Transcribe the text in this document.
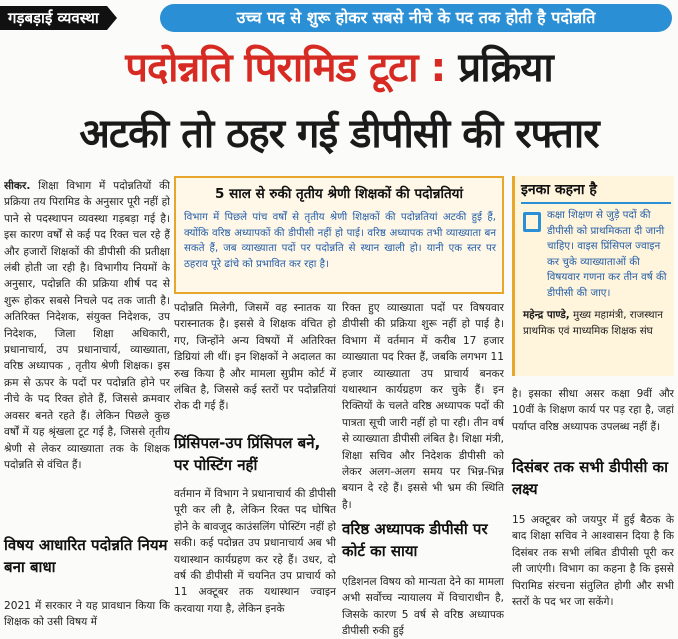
गड़बड़ाई व्यवस्था	उच्च पद से शुरू होकर सबसे नीचे के पद तक होती है पदोन्नति
पदोन्नति पिरामिड टूटा : प्रक्रिया
अटकी तो ठहर गई डीपीसी की रफ्तार
सीकर. शिक्षा विभाग में पदोन्नतियों की प्रक्रिया तय पिरामिड के अनुसार पूरी नहीं हो पाने से पदस्थापन व्यवस्था गड़बड़ा गई है। इस कारण वर्षों से कई पद रिक्त चल रहे हैं और हजारों शिक्षकों की डीपीसी की प्रतीक्षा लंबी होती जा रही है। विभागीय नियमों के अनुसार, पदोन्नति की प्रक्रिया शीर्ष पद से शुरू होकर सबसे निचले पद तक जाती है। अतिरिक्त निदेशक, संयुक्त निदेशक, उप निदेशक, जिला शिक्षा अधिकारी, प्रधानाचार्य, उप प्रधानाचार्य, व्याख्याता, वरिष्ठ अध्यापक , तृतीय श्रेणी शिक्षक। इस क्रम से ऊपर के पदों पर पदोन्नति होने पर नीचे के पद रिक्त होते हैं, जिससे क्रमवार अवसर बनते रहते हैं। लेकिन पिछले कुछ वर्षों में यह श्रृंखला टूट गई है, जिससे तृतीय श्रेणी से लेकर व्याख्याता तक के शिक्षक पदोन्नति से वंचित हैं।
विषय आधारित पदोन्नति नियम बना बाधा
2021 में सरकार ने यह प्रावधान किया कि शिक्षक को उसी विषय में
5 साल से रुकी तृतीय श्रेणी शिक्षकों की पदोन्नतियां
विभाग में पिछले पांच वर्षों से तृतीय श्रेणी शिक्षकों की पदोन्नतियां अटकी हुई हैं, क्योंकि वरिष्ठ अध्यापकों की डीपीसी नहीं हो पाई। वरिष्ठ अध्यापक तभी व्याख्याता बन सकते हैं, जब व्याख्याता पदों पर पदोन्नति से स्थान खाली हो। यानी एक स्तर पर ठहराव पूरे ढांचे को प्रभावित कर रहा है।
पदोन्नति मिलेगी, जिसमें वह स्नातक या परास्नातक है। इससे वे शिक्षक वंचित हो गए, जिन्होंने अन्य विषयों में अतिरिक्त डिग्रियां ली थीं। इन शिक्षकों ने अदालत का रुख किया है और मामला सुप्रीम कोर्ट में लंबित है, जिससे कई स्तरों पर पदोन्नतियां रोक दी गई हैं।
प्रिंसिपल-उप प्रिंसिपल बने, पर पोस्टिंग नहीं
वर्तमान में विभाग ने प्रधानाचार्य की डीपीसी पूरी कर ली है, लेकिन रिक्त पद घोषित होने के बावजूद काउंसलिंग पोस्टिंग नहीं हो सकी। कई पदोन्नत उप प्रधानाचार्य अब भी यथास्थान कार्यग्रहण कर रहे हैं। उधर, दो वर्ष की डीपीसी में चयनित उप प्राचार्य को 11 अक्टूबर तक यथास्थान ज्वाइन करवाया गया है, लेकिन इनके
रिक्त हुए व्याख्याता पदों पर विषयवार डीपीसी की प्रक्रिया शुरू नहीं हो पाई है। विभाग में वर्तमान में करीब 17 हजार व्याख्याता पद रिक्त हैं, जबकि लगभग 11 हजार व्याख्याता उप प्राचार्य बनकर यथास्थान कार्यग्रहण कर चुके हैं। इन रिक्तियों के चलते वरिष्ठ अध्यापक पदों की पात्रता सूची जारी नहीं हो पा रही। तीन वर्ष से व्याख्याता डीपीसी लंबित है। शिक्षा मंत्री, शिक्षा सचिव और निदेशक डीपीसी को लेकर अलग-अलग समय पर भिन्न-भिन्न बयान दे रहे हैं। इससे भी भ्रम की स्थिति है।
वरिष्ठ अध्यापक डीपीसी पर कोर्ट का साया
एडिशनल विषय को मान्यता देने का मामला अभी सर्वोच्च न्यायालय में विचाराधीन है, जिसके कारण 5 वर्ष से वरिष्ठ अध्यापक डीपीसी रुकी हुई
इनका कहना है
कक्षा शिक्षण से जुड़े पदों की डीपीसी को प्राथमिकता दी जानी चाहिए। वाइस प्रिंसिपल ज्वाइन कर चुके व्याख्याताओं की विषयवार गणना कर तीन वर्ष की डीपीसी की जाए।
महेन्द्र पाण्डे, मुख्य महामंत्री, राजस्थान प्राथमिक एवं माध्यमिक शिक्षक संघ
है। इसका सीधा असर कक्षा 9वीं और 10वीं के शिक्षण कार्य पर पड़ रहा है, जहां पर्याप्त वरिष्ठ अध्यापक उपलब्ध नहीं हैं।
दिसंबर तक सभी डीपीसी का लक्ष्य
15 अक्टूबर को जयपुर में हुई बैठक के बाद शिक्षा सचिव ने आश्वासन दिया है कि दिसंबर तक सभी लंबित डीपीसी पूरी कर ली जाएंगी। विभाग का कहना है कि इससे पिरामिड संरचना संतुलित होगी और सभी स्तरों के पद भर जा सकेंगे।
